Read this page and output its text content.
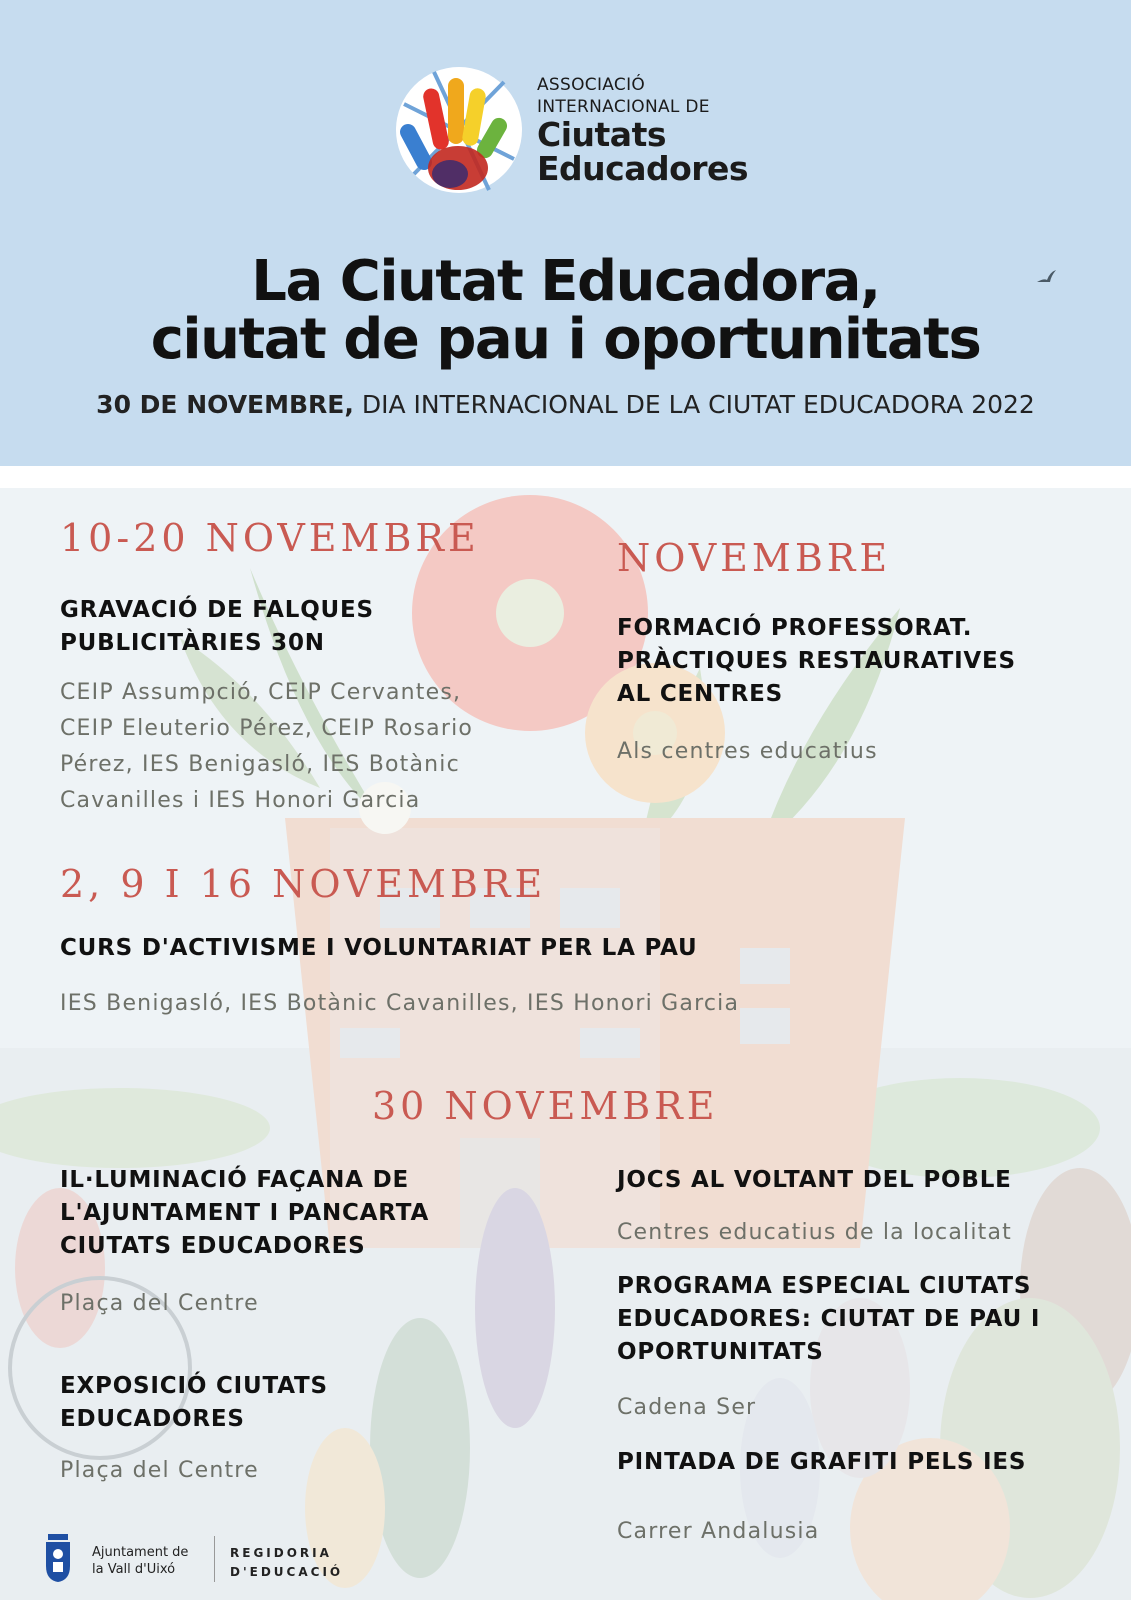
ASSOCIACIÓ
INTERNACIONAL DE
Ciutats
Educadores
La Ciutat Educadora,
ciutat de pau i oportunitats
30 DE NOVEMBRE, DIA INTERNACIONAL DE LA CIUTAT EDUCADORA 2022
10-20 NOVEMBRE
GRAVACIÓ DE FALQUES
PUBLICITÀRIES 30N
CEIP Assumpció, CEIP Cervantes,
CEIP Eleuterio Pérez, CEIP Rosario
Pérez, IES Benigasló, IES Botànic
Cavanilles i IES Honori Garcia
NOVEMBRE
FORMACIÓ PROFESSORAT.
PRÀCTIQUES RESTAURATIVES
AL CENTRES
Als centres educatius
2, 9 I 16 NOVEMBRE
CURS D'ACTIVISME I VOLUNTARIAT PER LA PAU
IES Benigasló, IES Botànic Cavanilles, IES Honori Garcia
30 NOVEMBRE
IL·LUMINACIÓ FAÇANA DE
L'AJUNTAMENT I PANCARTA
CIUTATS EDUCADORES
Plaça del Centre
EXPOSICIÓ CIUTATS
EDUCADORES
Plaça del Centre
JOCS AL VOLTANT DEL POBLE
Centres educatius de la localitat
PROGRAMA ESPECIAL CIUTATS
EDUCADORES: CIUTAT DE PAU I
OPORTUNITATS
Cadena Ser
PINTADA DE GRAFITI PELS IES
Carrer Andalusia
Ajuntament de
la Vall d'Uixó
REGIDORIA
D'EDUCACIÓ
